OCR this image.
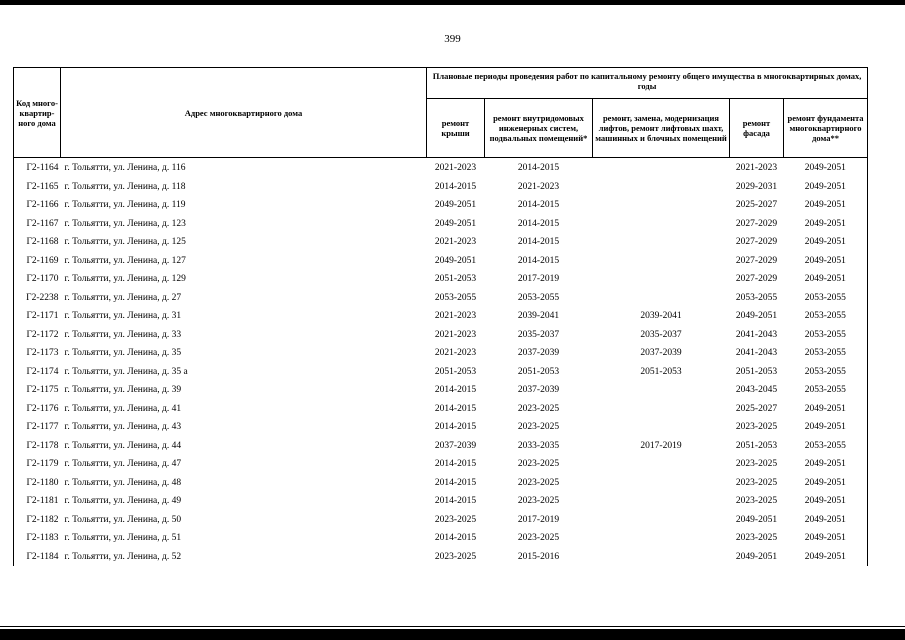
399
Код много-квартир-ного дома	Адрес многоквартирного дома	Плановые периоды проведения работ по капитальному ремонту общего имущества в многоквартирных домах, годы				
		ремонт крыши	ремонт внутридомовых инженерных систем, подвальных помещений*	ремонт, замена, модернизация лифтов, ремонт лифтовых шахт, машинных и блочных помещений	ремонт фасада	ремонт фундамента многоквартирного дома**
Г2-1164	г. Тольятти, ул. Ленина, д. 116	2021-2023	2014-2015		2021-2023	2049-2051
Г2-1165	г. Тольятти, ул. Ленина, д. 118	2014-2015	2021-2023		2029-2031	2049-2051
Г2-1166	г. Тольятти, ул. Ленина, д. 119	2049-2051	2014-2015		2025-2027	2049-2051
Г2-1167	г. Тольятти, ул. Ленина, д. 123	2049-2051	2014-2015		2027-2029	2049-2051
Г2-1168	г. Тольятти, ул. Ленина, д. 125	2021-2023	2014-2015		2027-2029	2049-2051
Г2-1169	г. Тольятти, ул. Ленина, д. 127	2049-2051	2014-2015		2027-2029	2049-2051
Г2-1170	г. Тольятти, ул. Ленина, д. 129	2051-2053	2017-2019		2027-2029	2049-2051
Г2-2238	г. Тольятти, ул. Ленина, д. 27	2053-2055	2053-2055		2053-2055	2053-2055
Г2-1171	г. Тольятти, ул. Ленина, д. 31	2021-2023	2039-2041	2039-2041	2049-2051	2053-2055
Г2-1172	г. Тольятти, ул. Ленина, д. 33	2021-2023	2035-2037	2035-2037	2041-2043	2053-2055
Г2-1173	г. Тольятти, ул. Ленина, д. 35	2021-2023	2037-2039	2037-2039	2041-2043	2053-2055
Г2-1174	г. Тольятти, ул. Ленина, д. 35 а	2051-2053	2051-2053	2051-2053	2051-2053	2053-2055
Г2-1175	г. Тольятти, ул. Ленина, д. 39	2014-2015	2037-2039		2043-2045	2053-2055
Г2-1176	г. Тольятти, ул. Ленина, д. 41	2014-2015	2023-2025		2025-2027	2049-2051
Г2-1177	г. Тольятти, ул. Ленина, д. 43	2014-2015	2023-2025		2023-2025	2049-2051
Г2-1178	г. Тольятти, ул. Ленина, д. 44	2037-2039	2033-2035	2017-2019	2051-2053	2053-2055
Г2-1179	г. Тольятти, ул. Ленина, д. 47	2014-2015	2023-2025		2023-2025	2049-2051
Г2-1180	г. Тольятти, ул. Ленина, д. 48	2014-2015	2023-2025		2023-2025	2049-2051
Г2-1181	г. Тольятти, ул. Ленина, д. 49	2014-2015	2023-2025		2023-2025	2049-2051
Г2-1182	г. Тольятти, ул. Ленина, д. 50	2023-2025	2017-2019		2049-2051	2049-2051
Г2-1183	г. Тольятти, ул. Ленина, д. 51	2014-2015	2023-2025		2023-2025	2049-2051
Г2-1184	г. Тольятти, ул. Ленина, д. 52	2023-2025	2015-2016		2049-2051	2049-2051
